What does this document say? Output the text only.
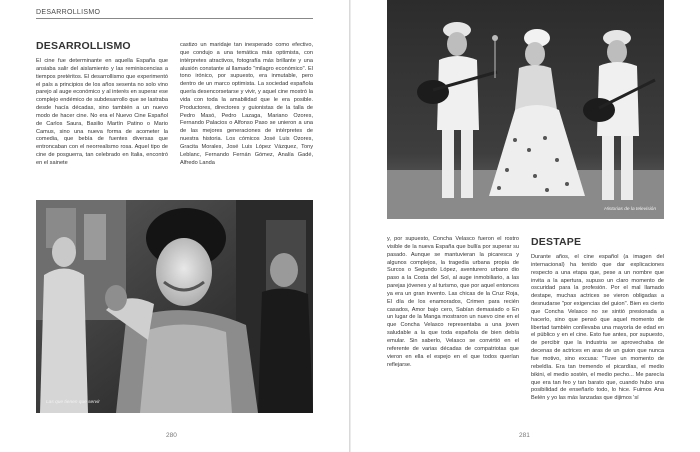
DESARROLLISMO
DESARROLLISMO

El cine fue determinante en aquella España que ansiaba salir del aislamiento y las reminiscencias a tiempos pretéritos. El desarrollismo que experimentó el país a principios de los años sesenta no solo vino parejo al auge económico y al interés en superar ese complejo endémico de subdesarrollo que se lastraba desde hacía décadas, sino también a un nuevo modo de hacer cine. No era el Nuevo Cine Español de Carlos Saura, Basilio Martín Patino o Mario Camus, sino una nueva forma de acometer la comedia, que bebía de fuentes diversas que entroncaban con el neorrealismo rosa. Aquel tipo de cine de posguerra, tan celebrado en Italia, encontró en el sainete

castizo un maridaje tan inesperado como efectivo, que condujo a una temática más optimista, con intérpretes atractivos, fotografía más brillante y una alusión constante al llamado "milagro económico". El tono irónico, por supuesto, era inmutable, pero dentro de un marco optimista. La sociedad española quería desencorsetarse y vivir, y aquel cine mostró la vida con toda la amabilidad que le era posible. Productores, directores y guionistas de la talla de Pedro Masó, Pedro Lazaga, Mariano Ozores, Fernando Palacios o Alfonso Paso se unieron a una de las mejores generaciones de intérpretes de nuestra historia. Los cómicos José Luis Ozores, Gracita Morales, José Luis López Vázquez, Tony Leblanc, Fernando Fernán Gómez, Analía Gadé, Alfredo Landa

Las que tienen que servir
280
Historias de la televisión

y, por supuesto, Concha Velasco fueron el rostro visible de la nueva España que bullía por superar su pasado. Aunque se mantuvieran la picaresca y algunos complejos, la tragedia urbana propia de Surcos o Segundo López, aventurero urbano dio paso a la Costa del Sol, al auge inmobiliario, a las parejas jóvenes y al turismo, que por aquel entonces ya era un gran invento. Las chicas de la Cruz Roja, El día de los enamorados, Crimen para recién casados, Amor bajo cero, Sabían demasiado o En un lugar de la Manga mostraron un nuevo cine en el que Concha Velasco representaba a una joven saludable a la que toda española de bien debía emular. Sin saberlo, Velasco se convirtió en el referente de varias décadas de compatriotas que vieron en ella el espejo en el que todos querían reflejarse.

DESTAPE

Durante años, el cine español (a imagen del internacional) ha tenido que dar explicaciones respecto a una etapa que, pese a un nombre que invita a la apertura, supuso un claro momento de oscuridad para la profesión. Por el mal llamado destape, muchas actrices se vieron obligadas a desnudarse "por exigencias del guion". Bien es cierto que Concha Velasco no se sintió presionada a hacerlo, sino que pensó que aquel momento de libertad también conllevaba una mayoría de edad en el público y en el cine. Esto fue antes, por supuesto, de percibir que la industria se aprovechaba de decenas de actrices en aras de un guion que nunca fue motivo, sino excusa: "Tuve un momento de rebeldía. Era tan tremendo el picardías, el medio bikini, el medio sostén, el medio pecho... Me parecía que era tan feo y tan barato que, cuando hubo una posibilidad de enseñarlo todo, lo hice. Fuimos Ana Belén y yo las más lanzadas que dijimos 'sí

281
